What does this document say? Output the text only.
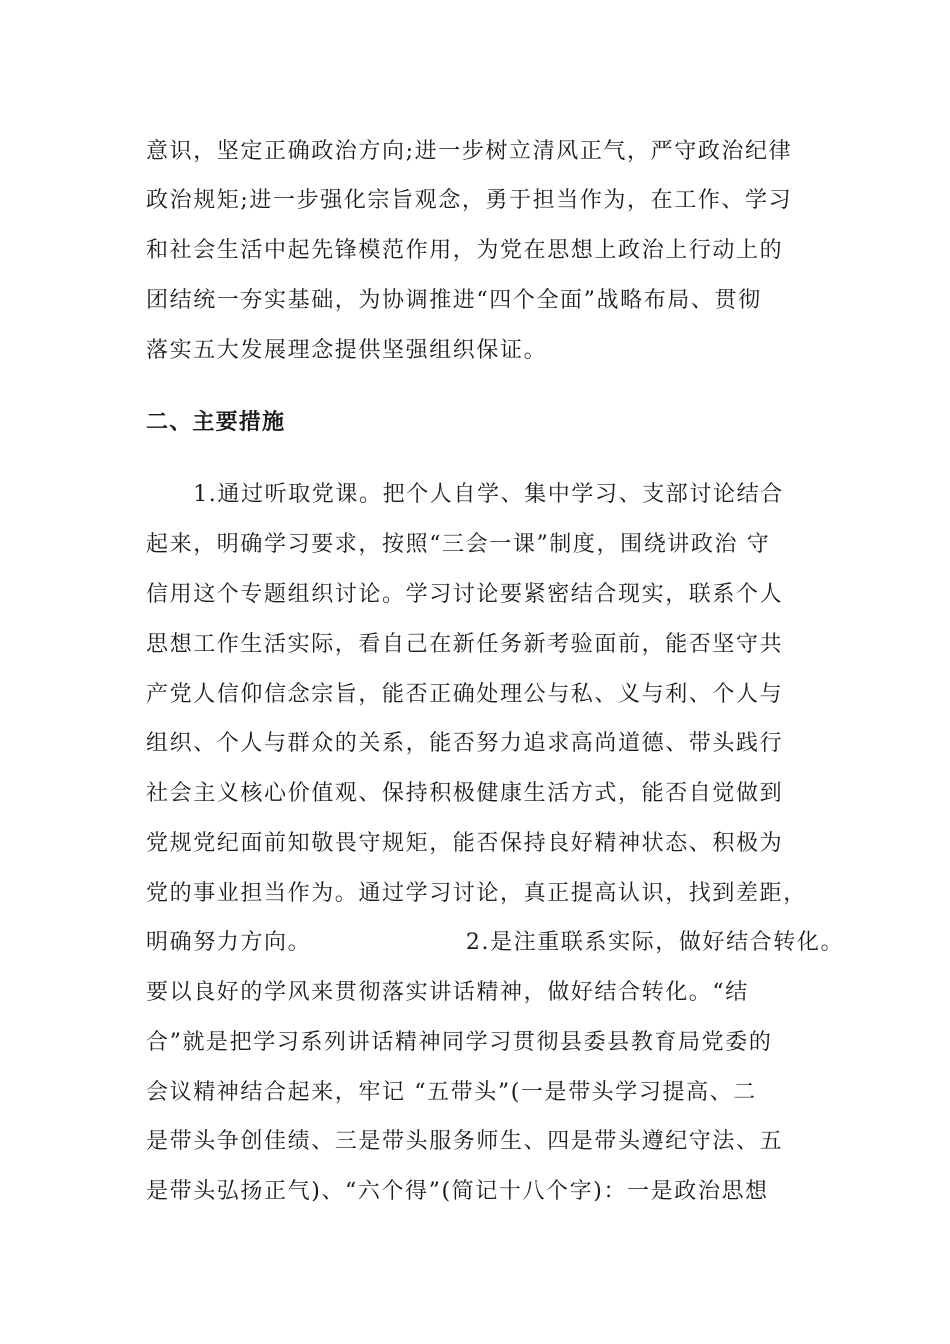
意识，坚定正确政治方向;进一步树立清风正气，严守政治纪律
政治规矩;进一步强化宗旨观念，勇于担当作为，在工作、学习
和社会生活中起先锋模范作用，为党在思想上政治上行动上的
团结统一夯实基础，为协调推进“四个全面”战略布局、贯彻
落实五大发展理念提供坚强组织保证。
二、主要措施
　　1.通过听取党课。把个人自学、集中学习、支部讨论结合
起来，明确学习要求，按照“三会一课”制度，围绕讲政治 守
信用这个专题组织讨论。学习讨论要紧密结合现实，联系个人
思想工作生活实际，看自己在新任务新考验面前，能否坚守共
产党人信仰信念宗旨，能否正确处理公与私、义与利、个人与
组织、个人与群众的关系，能否努力追求高尚道德、带头践行
社会主义核心价值观、保持积极健康生活方式，能否自觉做到
党规党纪面前知敬畏守规矩，能否保持良好精神状态、积极为
党的事业担当作为。通过学习讨论，真正提高认识，找到差距，
明确努力方向。                  2.是注重联系实际，做好结合转化。
要以良好的学风来贯彻落实讲话精神，做好结合转化。“结
合”就是把学习系列讲话精神同学习贯彻县委县教育局党委的
会议精神结合起来，牢记 “五带头”(一是带头学习提高、二
是带头争创佳绩、三是带头服务师生、四是带头遵纪守法、五
是带头弘扬正气)、“六个得”(简记十八个字)：一是政治思想
